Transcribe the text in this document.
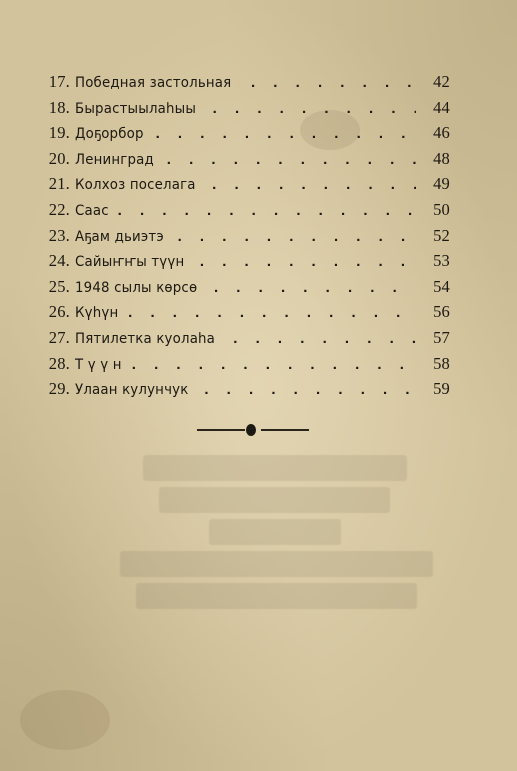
17. Победная застольная . . .	42
18. Бырастыылаһыы . . .	44
19. Доҕорбор . . .	46
20. Ленинград . . .	48
21. Колхоз поселага . . .	49
22. Саас . . .	50
23. Аҕам дьиэтэ . . .	52
24. Сайыҥҥы түүн . . .	53
25. 1948 сылы көрсө . . .	54
26. Күһүн . . .	56
27. Пятилетка куолаһа . . .	57
28. Т ү ү н . . .	58
29. Улаан кулунчук . . .	59
